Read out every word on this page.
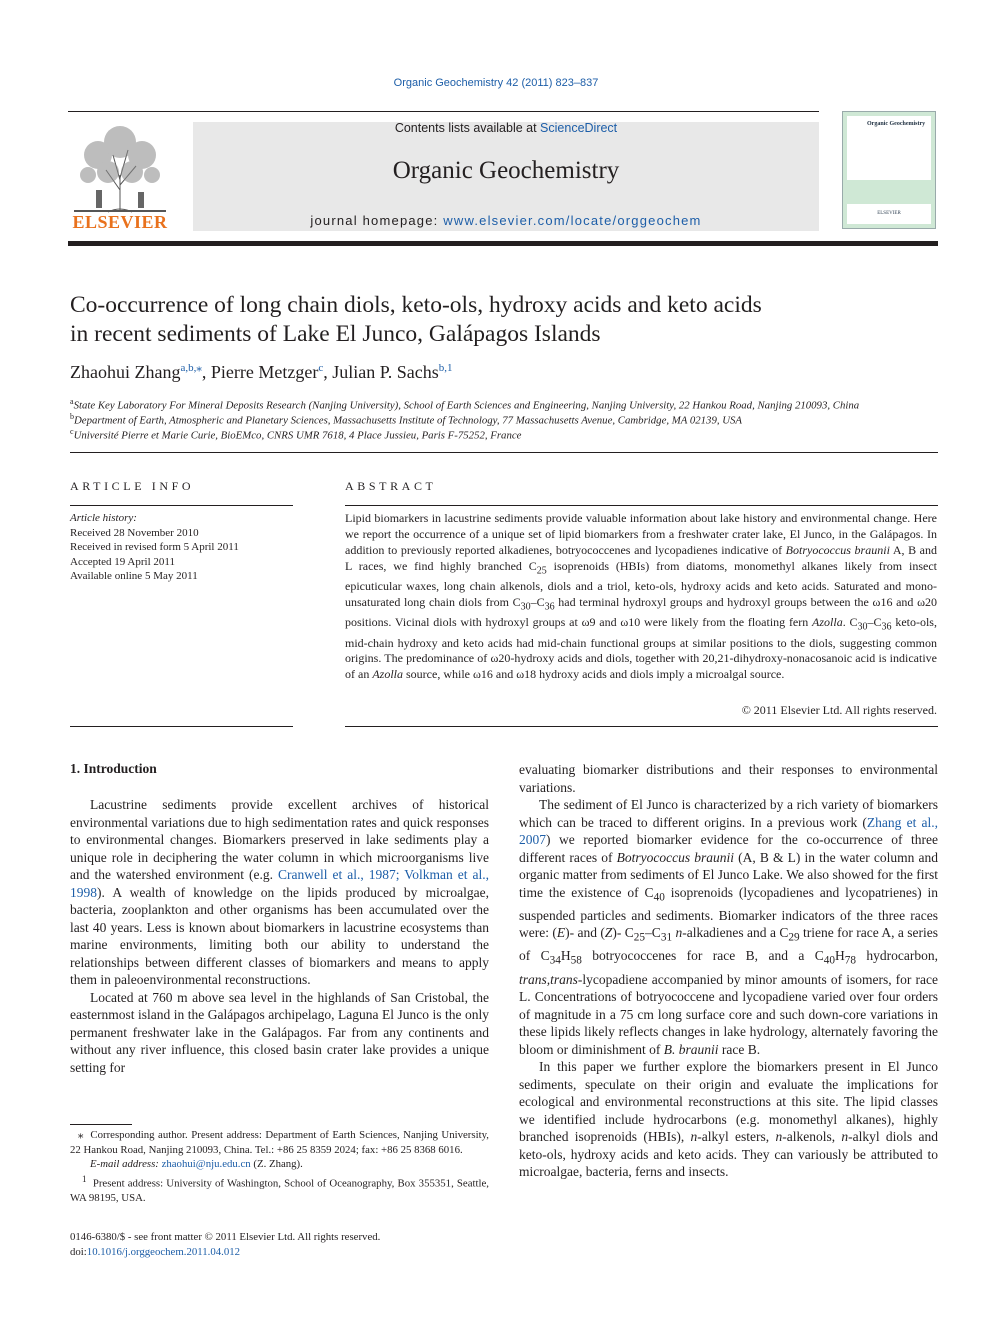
Organic Geochemistry 42 (2011) 823–837
ELSEVIER
Contents lists available at ScienceDirect
Organic Geochemistry
journal homepage: www.elsevier.com/locate/orggeochem
Organic Geochemistry
ELSEVIER
Co-occurrence of long chain diols, keto-ols, hydroxy acids and keto acids
in recent sediments of Lake El Junco, Galápagos Islands
Zhaohui Zhang$^{a,b,⁎}$, Pierre Metzger$^c$, Julian P. Sachs$^{b,1}$
$^a$State Key Laboratory For Mineral Deposits Research (Nanjing University), School of Earth Sciences and Engineering, Nanjing University, 22 Hankou Road, Nanjing 210093, China
$^b$Department of Earth, Atmospheric and Planetary Sciences, Massachusetts Institute of Technology, 77 Massachusetts Avenue, Cambridge, MA 02139, USA
$^c$Université Pierre et Marie Curie, BioEMco, CNRS UMR 7618, 4 Place Jussieu, Paris F-75252, France
ARTICLE INFO
Article history:
Received 28 November 2010
Received in revised form 5 April 2011
Accepted 19 April 2011
Available online 5 May 2011
ABSTRACT
Lipid biomarkers in lacustrine sediments provide valuable information about lake history and environmental change. Here we report the occurrence of a unique set of lipid biomarkers from a freshwater crater lake, El Junco, in the Galápagos. In addition to previously reported alkadienes, botryococcenes and lycopadienes indicative of Botryococcus braunii A, B and L races, we find highly branched $C_{25}$ isoprenoids (HBIs) from diatoms, monomethyl alkanes likely from insect epicuticular waxes, long chain alkenols, diols and a triol, keto-ols, hydroxy acids and keto acids. Saturated and mono-unsaturated long chain diols from $C_{30}-C_{36}$ had terminal hydroxyl groups and hydroxyl groups between the ω16 and ω20 positions. Vicinal diols with hydroxyl groups at ω9 and ω10 were likely from the floating fern Azolla. $C_{30}-C_{36}$ keto-ols, mid-chain hydroxy and keto acids had mid-chain functional groups at similar positions to the diols, suggesting common origins. The predominance of ω20-hydroxy acids and diols, together with 20,21-dihydroxy-nonacosanoic acid is indicative of an Azolla source, while ω16 and ω18 hydroxy acids and diols imply a microalgal source.
© 2011 Elsevier Ltd. All rights reserved.
1. Introduction

Lacustrine sediments provide excellent archives of historical environmental variations due to high sedimentation rates and quick responses to environmental changes. Biomarkers preserved in lake sediments play a unique role in deciphering the water column in which microorganisms live and the watershed environment (e.g. Cranwell et al., 1987; Volkman et al., 1998). A wealth of knowledge on the lipids produced by microalgae, bacteria, zooplankton and other organisms has been accumulated over the last 40 years. Less is known about biomarkers in lacustrine ecosystems than marine environments, limiting both our ability to understand the relationships between different classes of biomarkers and means to apply them in paleoenvironmental reconstructions.

Located at 760 m above sea level in the highlands of San Cristobal, the easternmost island in the Galápagos archipelago, Laguna El Junco is the only permanent freshwater lake in the Galápagos. Far from any continents and without any river influence, this closed basin crater lake provides a unique setting for

evaluating biomarker distributions and their responses to environmental variations.

The sediment of El Junco is characterized by a rich variety of biomarkers which can be traced to different origins. In a previous work (Zhang et al., 2007) we reported biomarker evidence for the co-occurrence of three different races of Botryococcus braunii (A, B & L) in the water column and organic matter from sediments of El Junco Lake. We also showed for the first time the existence of $C_{40}$ isoprenoids (lycopadienes and lycopatrienes) in suspended particles and sediments. Biomarker indicators of the three races were: (E)- and (Z)- $C_{25}-C_{31}$ n-alkadienes and a $C_{29}$ triene for race A, a series of $C_{34}H_{58}$ botryococcenes for race B, and a $C_{40}H_{78}$ hydrocarbon, trans,trans-lycopadiene accompanied by minor amounts of isomers, for race L. Concentrations of botryococcene and lycopadiene varied over four orders of magnitude in a 75 cm long surface core and such down-core variations in these lipids likely reflects changes in lake hydrology, alternately favoring the bloom or diminishment of B. braunii race B.

In this paper we further explore the biomarkers present in El Junco sediments, speculate on their origin and evaluate the implications for ecological and environmental reconstructions at this site. The lipid classes we identified include hydrocarbons (e.g. monomethyl alkanes), highly branched isoprenoids (HBIs), n-alkyl esters, n-alkenols, n-alkyl diols and keto-ols, hydroxy acids and keto acids. They can variously be attributed to microalgae, bacteria, ferns and insects.

⁎  Corresponding author. Present address: Department of Earth Sciences, Nanjing University, 22 Hankou Road, Nanjing 210093, China. Tel.: +86 25 8359 2024; fax: +86 25 8368 6016.

E-mail address: zhaohui@nju.edu.cn (Z. Zhang).

$^1$ Present address: University of Washington, School of Oceanography, Box 355351, Seattle, WA 98195, USA.

0146-6380/$ - see front matter © 2011 Elsevier Ltd. All rights reserved.
doi:10.1016/j.orggeochem.2011.04.012
